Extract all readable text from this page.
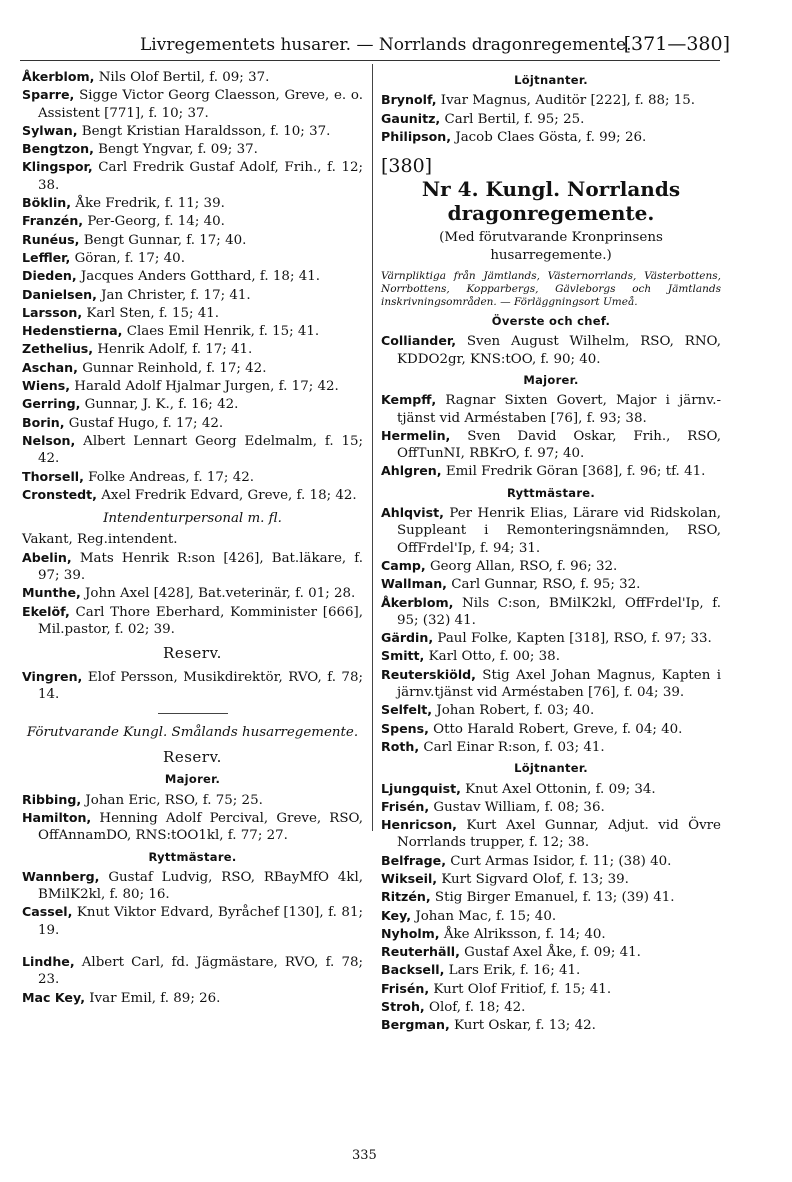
Livregementets husarer. — Norrlands dragonregemente.
[371—380]
Åkerblom, Nils Olof Bertil, f. 09; 37.
Sparre, Sigge Victor Georg Claesson, Greve, e. o. Assistent [771], f. 10; 37.
Sylwan, Bengt Kristian Haraldsson, f. 10; 37.
Bengtzon, Bengt Yngvar, f. 09; 37.
Klingspor, Carl Fredrik Gustaf Adolf, Frih., f. 12; 38.
Böklin, Åke Fredrik, f. 11; 39.
Franzén, Per-Georg, f. 14; 40.
Runéus, Bengt Gunnar, f. 17; 40.
Leffler, Göran, f. 17; 40.
Dieden, Jacques Anders Gotthard, f. 18; 41.
Danielsen, Jan Christer, f. 17; 41.
Larsson, Karl Sten, f. 15; 41.
Hedenstierna, Claes Emil Henrik, f. 15; 41.
Zethelius, Henrik Adolf, f. 17; 41.
Aschan, Gunnar Reinhold, f. 17; 42.
Wiens, Harald Adolf Hjalmar Jurgen, f. 17; 42.
Gerring, Gunnar, J. K., f. 16; 42.
Borin, Gustaf Hugo, f. 17; 42.
Nelson, Albert Lennart Georg Edelmalm, f. 15; 42.
Thorsell, Folke Andreas, f. 17; 42.
Cronstedt, Axel Fredrik Edvard, Greve, f. 18; 42.
Intendenturpersonal m. fl.
Vakant, Reg.intendent.
Abelin, Mats Henrik R:son [426], Bat.läkare, f. 97; 39.
Munthe, John Axel [428], Bat.veterinär, f. 01; 28.
Ekelöf, Carl Thore Eberhard, Komminister [666], Mil.pastor, f. 02; 39.
Reserv.
Vingren, Elof Persson, Musikdirektör, RVO, f. 78; 14.
Förutvarande Kungl. Smålands husarregemente.
Reserv.
Majorer.
Ribbing, Johan Eric, RSO, f. 75; 25.
Hamilton, Henning Adolf Percival, Greve, RSO, OffAnnamDO, RNS:tOO1kl, f. 77; 27.
Ryttmästare.
Wannberg, Gustaf Ludvig, RSO, RBayMfO 4kl, BMilK2kl, f. 80; 16.
Cassel, Knut Viktor Edvard, Byråchef [130], f. 81; 19.
Lindhe, Albert Carl, fd. Jägmästare, RVO, f. 78; 23.
Mac Key, Ivar Emil, f. 89; 26.
Löjtnanter.
Brynolf, Ivar Magnus, Auditör [222], f. 88; 15.
Gaunitz, Carl Bertil, f. 95; 25.
Philipson, Jacob Claes Gösta, f. 99; 26.
[380]
Nr 4. Kungl. Norrlands dragonregemente.
(Med förutvarande Kronprinsens husarregemente.)
Värnpliktiga från Jämtlands, Västernorrlands, Västerbottens, Norrbottens, Kopparbergs, Gävleborgs och Jämtlands inskrivningsområden. — Förläggningsort Umeå.
Överste och chef.
Colliander, Sven August Wilhelm, RSO, RNO, KDDO2gr, KNS:tOO, f. 90; 40.
Majorer.
Kempff, Ragnar Sixten Govert, Major i järnv.-tjänst vid Arméstaben [76], f. 93; 38.
Hermelin, Sven David Oskar, Frih., RSO, OffTunNI, RBKrO, f. 97; 40.
Ahlgren, Emil Fredrik Göran [368], f. 96; tf. 41.
Ryttmästare.
Ahlqvist, Per Henrik Elias, Lärare vid Ridskolan, Suppleant i Remonteringsnämnden, RSO, OffFrdel'Ip, f. 94; 31.
Camp, Georg Allan, RSO, f. 96; 32.
Wallman, Carl Gunnar, RSO, f. 95; 32.
Åkerblom, Nils C:son, BMilK2kl, OffFrdel'Ip, f. 95; (32) 41.
Gärdin, Paul Folke, Kapten [318], RSO, f. 97; 33.
Smitt, Karl Otto, f. 00; 38.
Reuterskiöld, Stig Axel Johan Magnus, Kapten i järnv.tjänst vid Arméstaben [76], f. 04; 39.
Selfelt, Johan Robert, f. 03; 40.
Spens, Otto Harald Robert, Greve, f. 04; 40.
Roth, Carl Einar R:son, f. 03; 41.
Löjtnanter.
Ljungquist, Knut Axel Ottonin, f. 09; 34.
Frisén, Gustav William, f. 08; 36.
Henricson, Kurt Axel Gunnar, Adjut. vid Övre Norrlands trupper, f. 12; 38.
Belfrage, Curt Armas Isidor, f. 11; (38) 40.
Wikseil, Kurt Sigvard Olof, f. 13; 39.
Ritzén, Stig Birger Emanuel, f. 13; (39) 41.
Key, Johan Mac, f. 15; 40.
Nyholm, Åke Alriksson, f. 14; 40.
Reuterhäll, Gustaf Axel Åke, f. 09; 41.
Backsell, Lars Erik, f. 16; 41.
Frisén, Kurt Olof Fritiof, f. 15; 41.
Stroh, Olof, f. 18; 42.
Bergman, Kurt Oskar, f. 13; 42.
335
